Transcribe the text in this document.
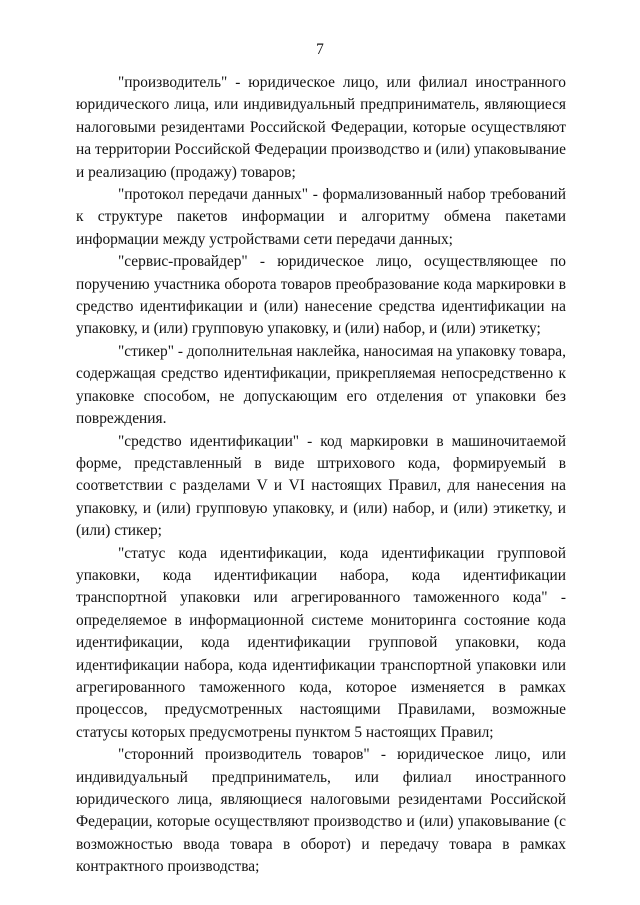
7

"производитель" - юридическое лицо, или филиал иностранного юридического лица, или индивидуальный предприниматель, являющиеся налоговыми резидентами Российской Федерации, которые осуществляют на территории Российской Федерации производство и (или) упаковывание и реализацию (продажу) товаров;

"протокол передачи данных" - формализованный набор требований к структуре пакетов информации и алгоритму обмена пакетами информации между устройствами сети передачи данных;

"сервис-провайдер" - юридическое лицо, осуществляющее по поручению участника оборота товаров преобразование кода маркировки в средство идентификации и (или) нанесение средства идентификации на упаковку, и (или) групповую упаковку, и (или) набор, и (или) этикетку;

"стикер" - дополнительная наклейка, наносимая на упаковку товара, содержащая средство идентификации, прикрепляемая непосредственно к упаковке способом, не допускающим его отделения от упаковки без повреждения.

"средство идентификации" - код маркировки в машиночитаемой форме, представленный в виде штрихового кода, формируемый в соответствии с разделами V и VI настоящих Правил, для нанесения на упаковку, и (или) групповую упаковку, и (или) набор, и (или) этикетку, и (или) стикер;

"статус кода идентификации, кода идентификации групповой упаковки, кода идентификации набора, кода идентификации транспортной упаковки или агрегированного таможенного кода" - определяемое в информационной системе мониторинга состояние кода идентификации, кода идентификации групповой упаковки, кода идентификации набора, кода идентификации транспортной упаковки или агрегированного таможенного кода, которое изменяется в рамках процессов, предусмотренных настоящими Правилами, возможные статусы которых предусмотрены пунктом 5 настоящих Правил;

"сторонний производитель товаров" - юридическое лицо, или индивидуальный предприниматель, или филиал иностранного юридического лица, являющиеся налоговыми резидентами Российской Федерации, которые осуществляют производство и (или) упаковывание (с возможностью ввода товара в оборот) и передачу товара в рамках контрактного производства;
